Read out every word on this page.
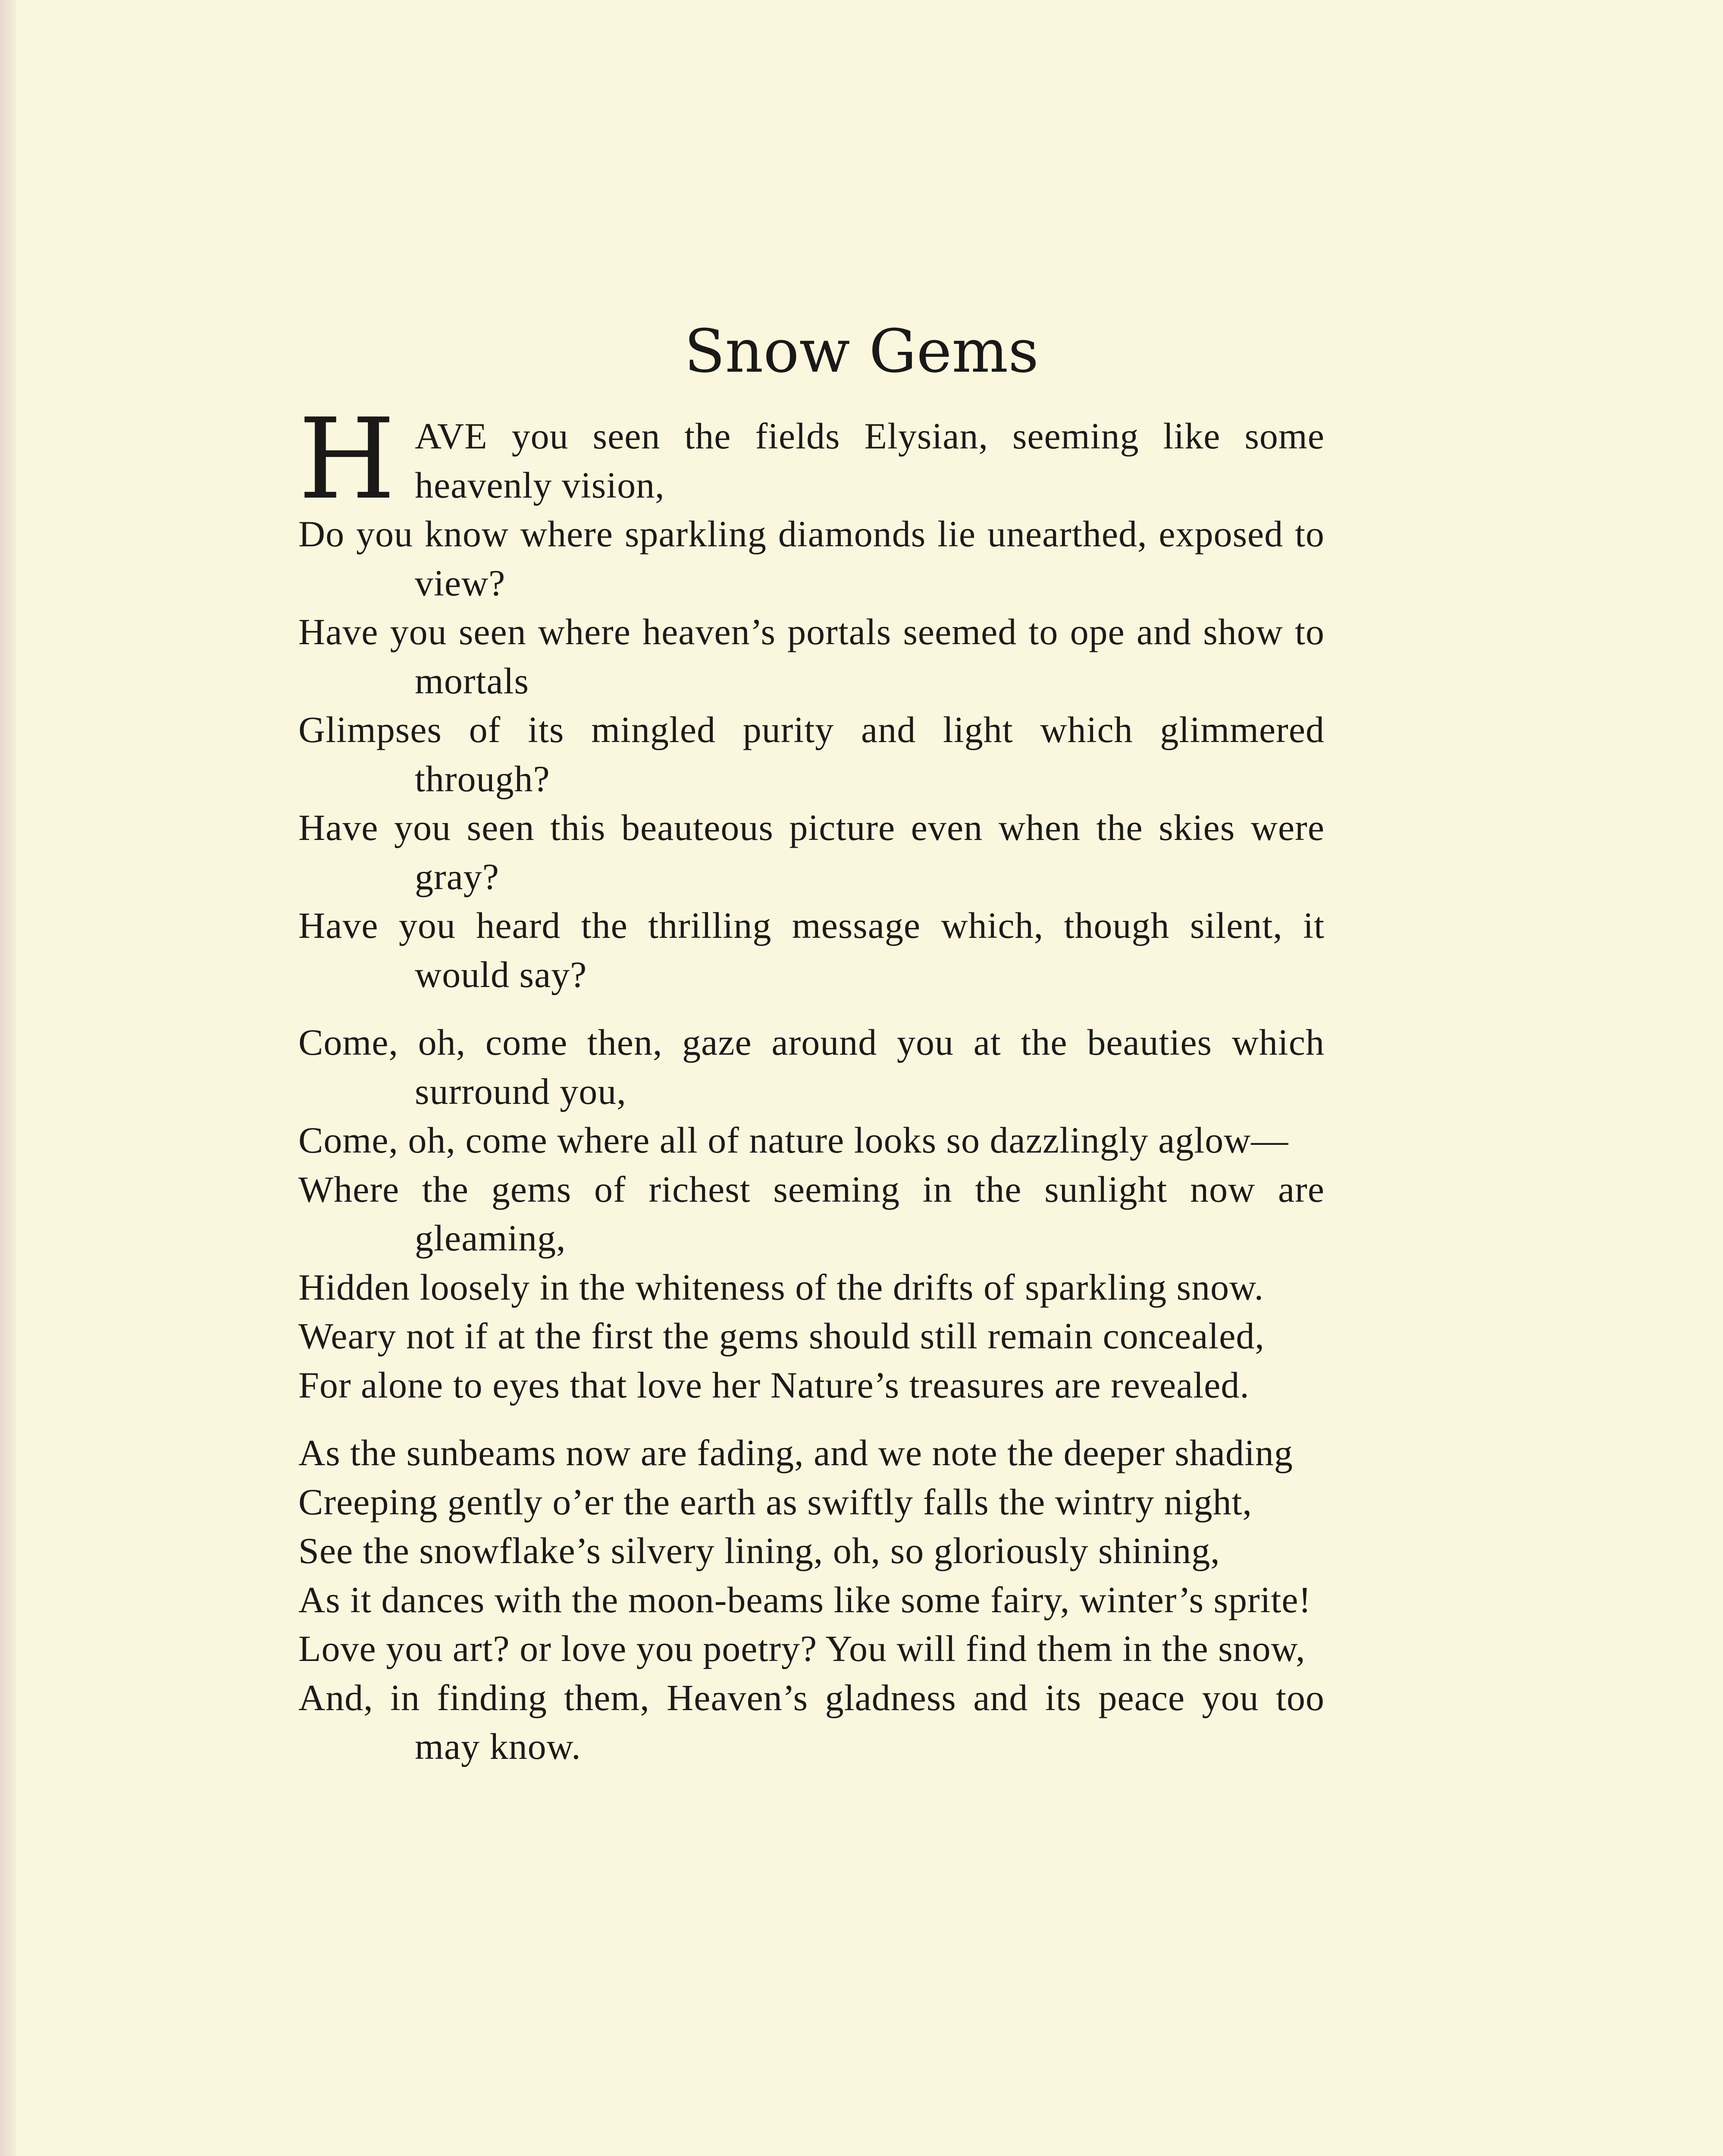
Snow Gems

H AVE you seen the fields Elysian, seeming like some heavenly vision,

Do you know where sparkling diamonds lie unearthed, exposed to view?

Have you seen where heaven’s portals seemed to ope and show to mortals

Glimpses of its mingled purity and light which glimmered through?

Have you seen this beauteous picture even when the skies were gray?

Have you heard the thrilling message which, though silent, it would say?

Come, oh, come then, gaze around you at the beauties which surround you,

Come, oh, come where all of nature looks so dazzlingly aglow—

Where the gems of richest seeming in the sunlight now are gleaming,

Hidden loosely in the whiteness of the drifts of sparkling snow.

Weary not if at the first the gems should still remain concealed,

For alone to eyes that love her Nature’s treasures are revealed.

As the sunbeams now are fading, and we note the deeper shading

Creeping gently o’er the earth as swiftly falls the wintry night,

See the snowflake’s silvery lining, oh, so gloriously shining,

As it dances with the moon-beams like some fairy, winter’s sprite!

Love you art? or love you poetry? You will find them in the snow,

And, in finding them, Heaven’s gladness and its peace you too may know.
